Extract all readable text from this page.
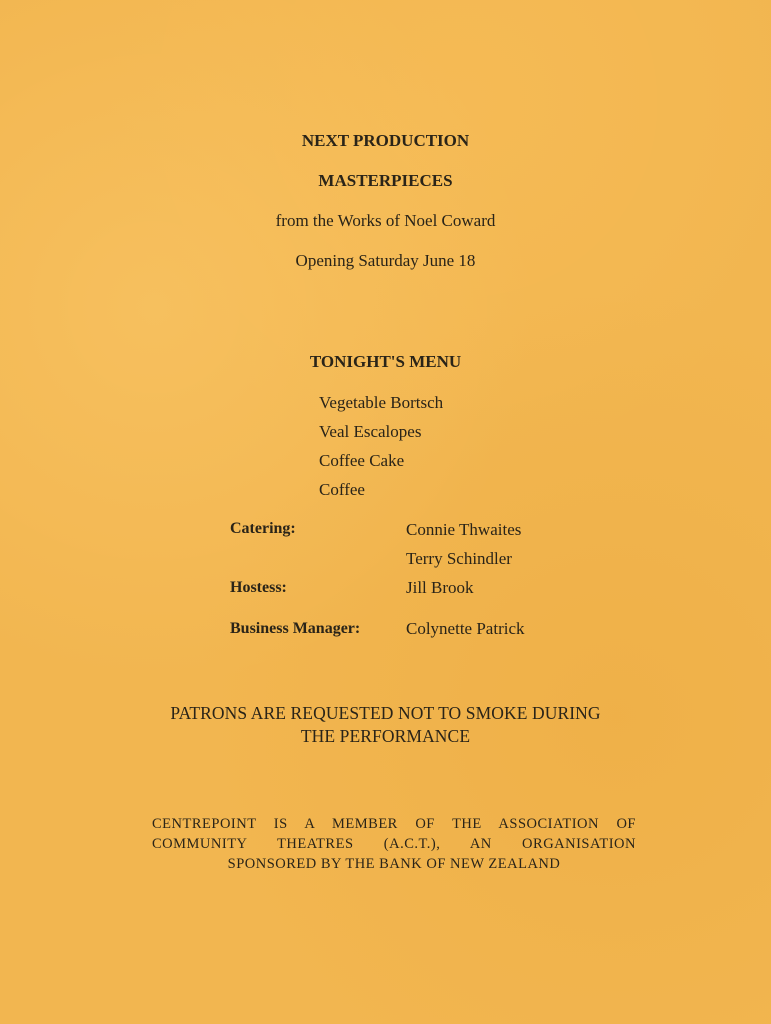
NEXT PRODUCTION
MASTERPIECES
from the Works of Noel Coward
Opening Saturday June 18
TONIGHT'S MENU
Vegetable Bortsch
Veal Escalopes
Coffee Cake
Coffee
Catering:	Connie Thwaites
Terry Schindler
Hostess:	Jill Brook
Business Manager:	Colynette Patrick
PATRONS ARE REQUESTED NOT TO SMOKE DURING
THE PERFORMANCE
CENTREPOINT IS A MEMBER OF THE ASSOCIATION OF
COMMUNITY THEATRES (A.C.T.), AN ORGANISATION
SPONSORED BY THE BANK OF NEW ZEALAND
